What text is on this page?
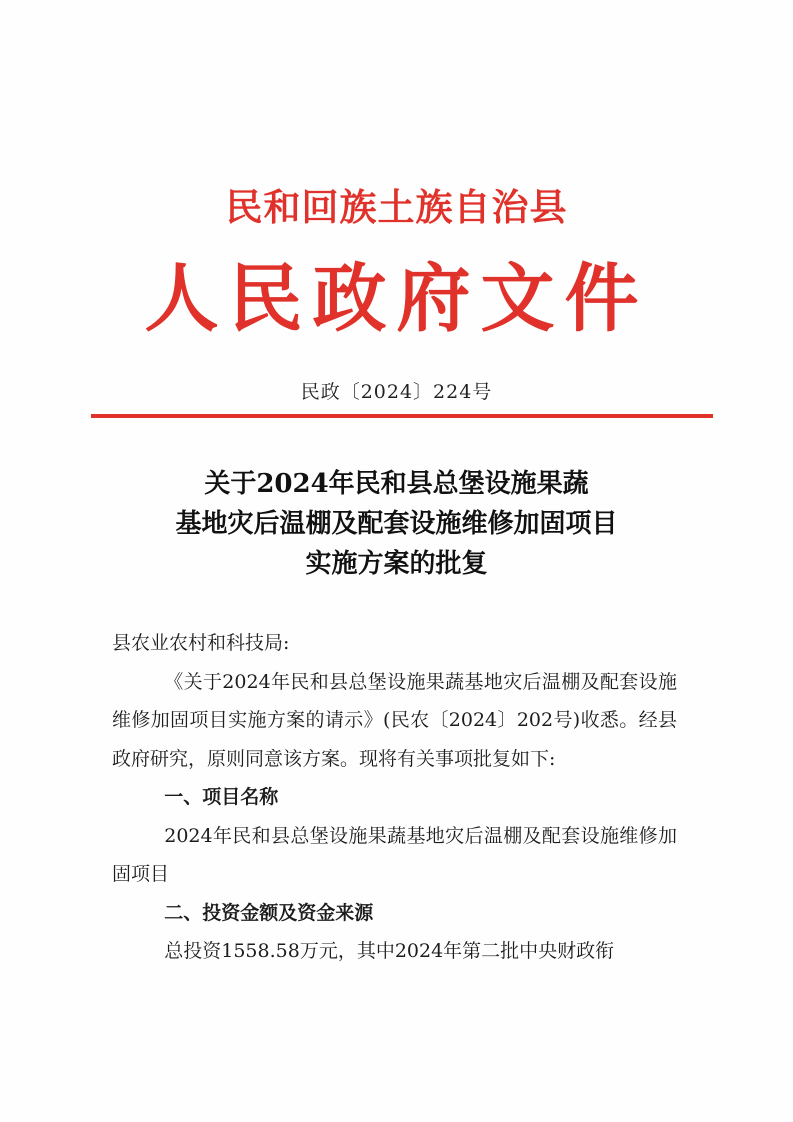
民和回族土族自治县
人民政府文件
民政〔2024〕224号
关于2024年民和县总堡设施果蔬
基地灾后温棚及配套设施维修加固项目
实施方案的批复

县农业农村和科技局:

《关于2024年民和县总堡设施果蔬基地灾后温棚及配套设施维修加固项目实施方案的请示》(民农〔2024〕202号)收悉。经县政府研究，原则同意该方案。现将有关事项批复如下:

一、项目名称

2024年民和县总堡设施果蔬基地灾后温棚及配套设施维修加固项目

二、投资金额及资金来源

总投资1558.58万元，其中2024年第二批中央财政衔
